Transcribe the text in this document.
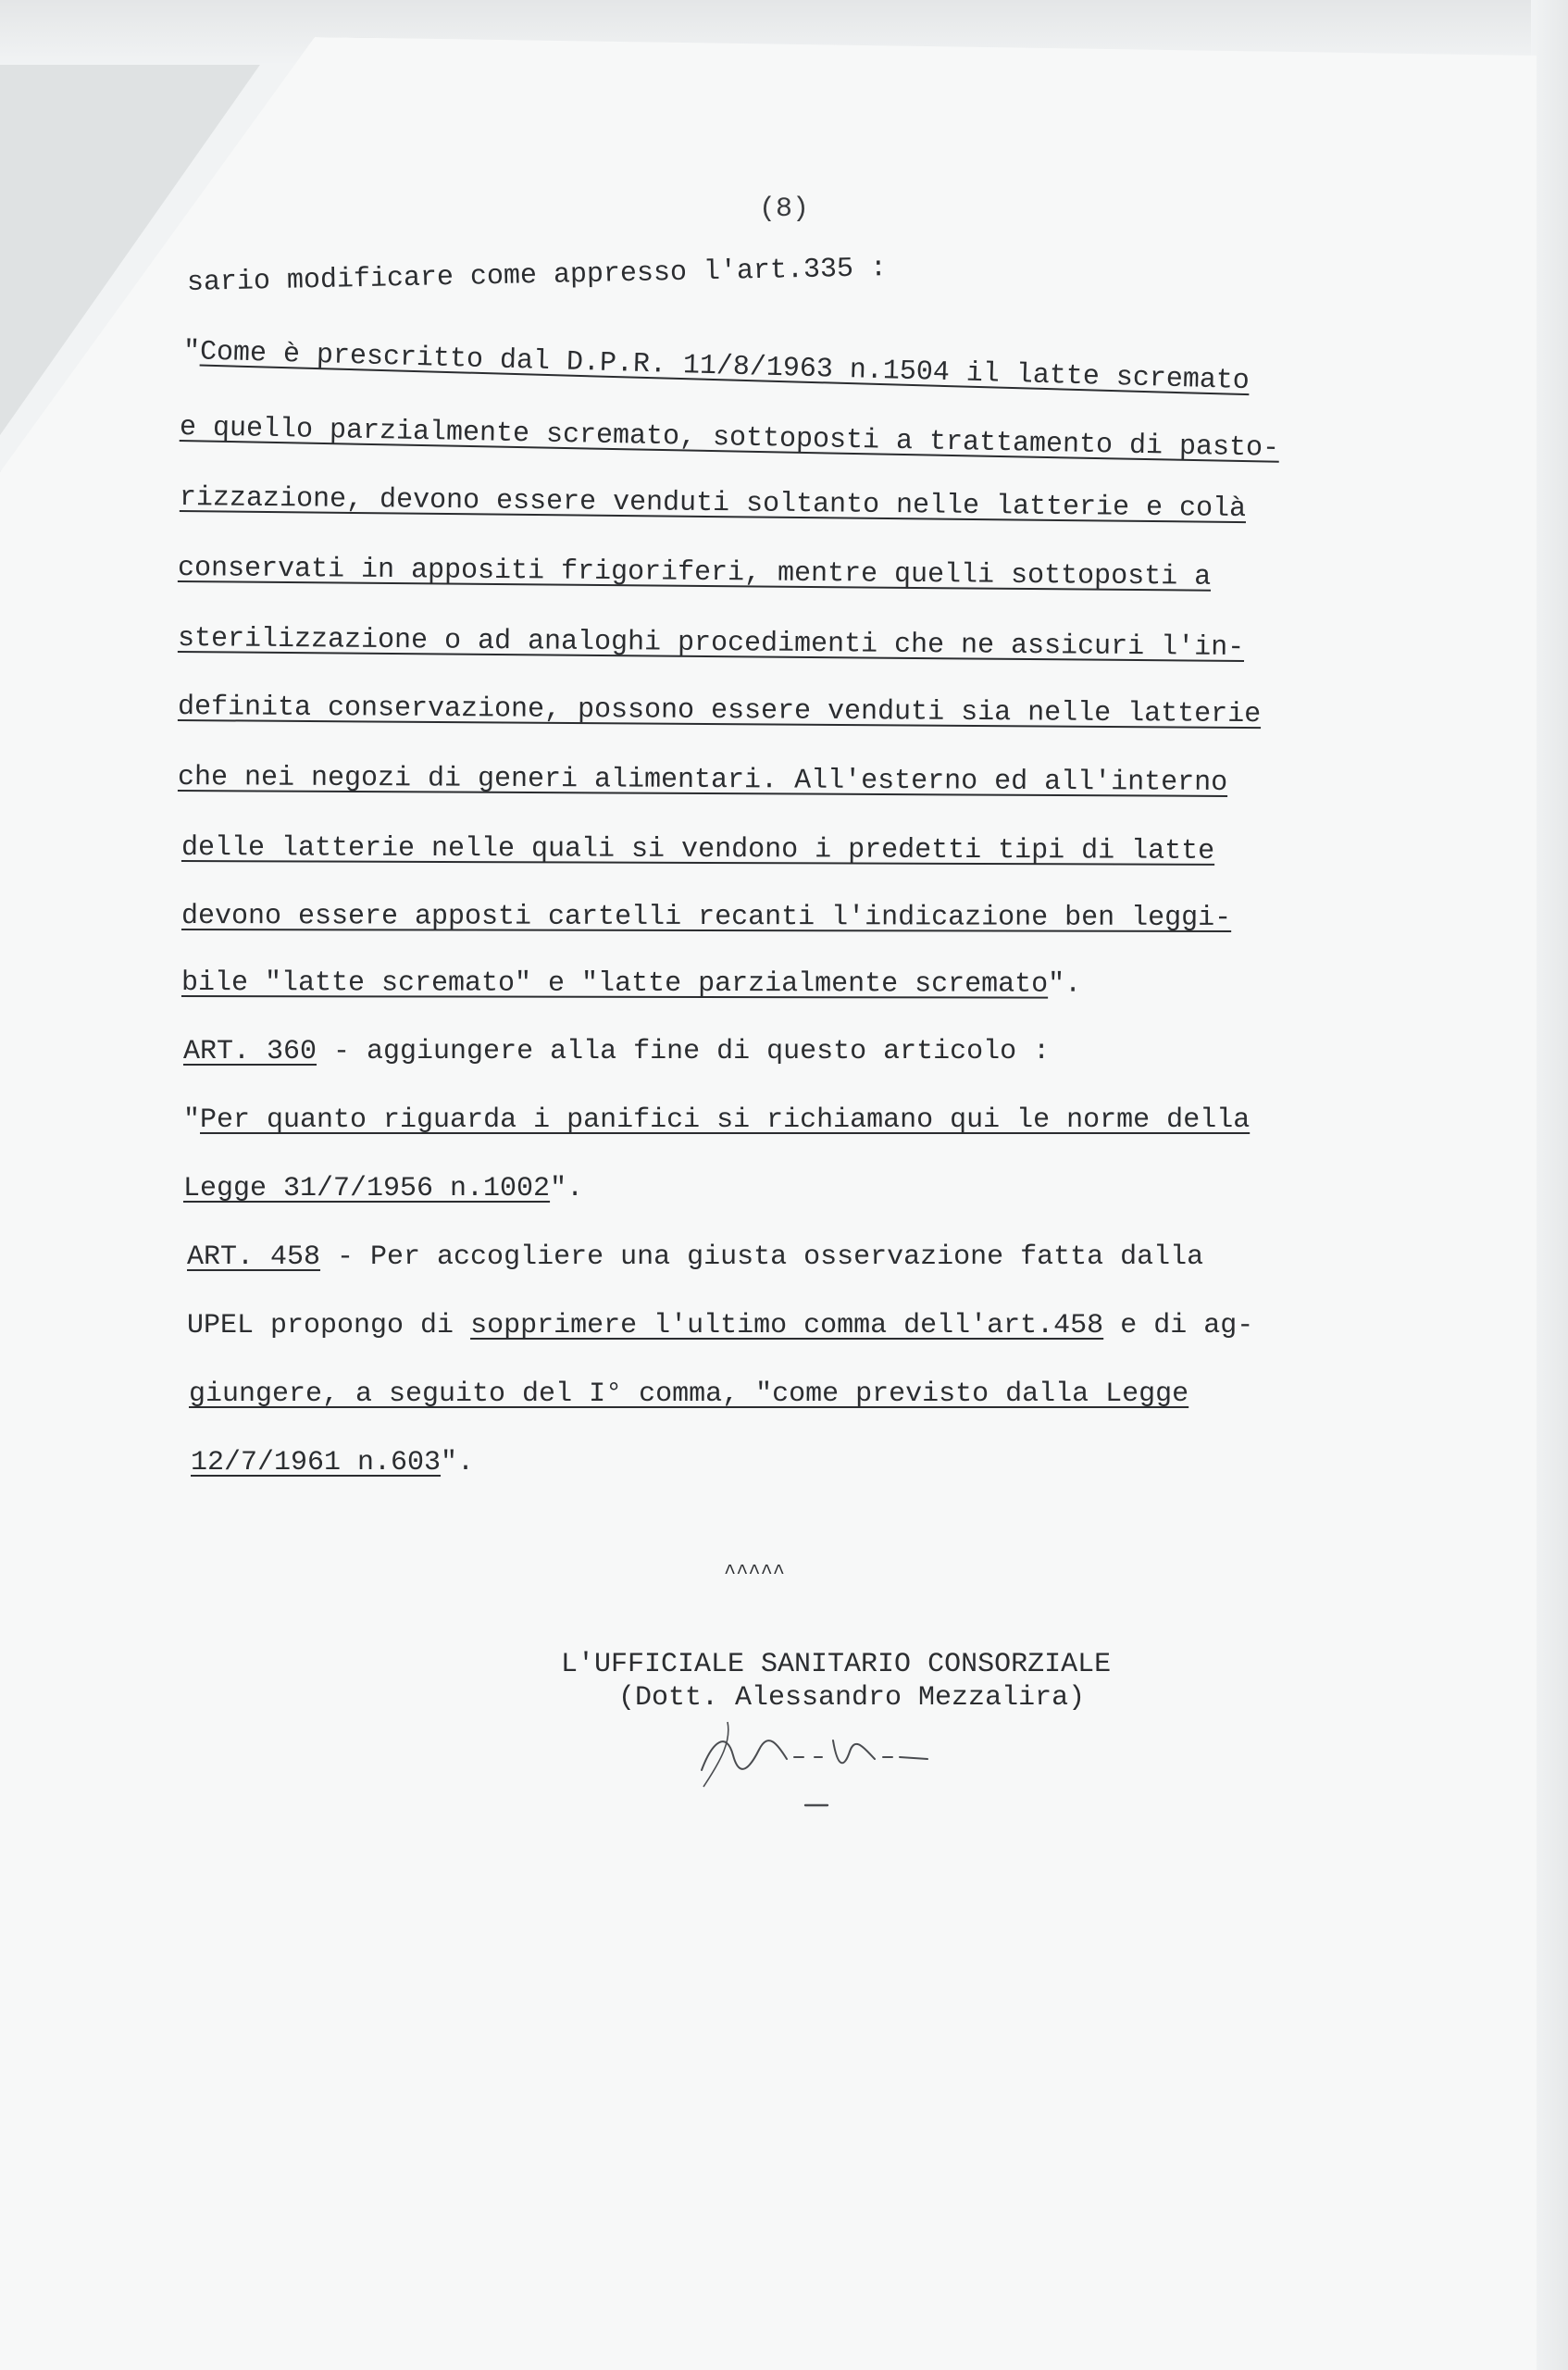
(8)
sario modificare come appresso l'art.335 :
"Come è prescritto dal D.P.R. 11/8/1963 n.1504 il latte scremato
e quello parzialmente scremato, sottoposti a trattamento di pasto-
rizzazione, devono essere venduti soltanto nelle latterie e colà
conservati in appositi frigoriferi, mentre quelli sottoposti a
sterilizzazione o ad analoghi procedimenti che ne assicuri l'in-
definita conservazione, possono essere venduti sia nelle latterie
che nei negozi di generi alimentari. All'esterno ed all'interno
delle latterie nelle quali si vendono i predetti tipi di latte
devono essere apposti cartelli recanti l'indicazione ben leggi-
bile "latte scremato" e "latte parzialmente scremato".
ART. 360 - aggiungere alla fine di questo articolo :
"Per quanto riguarda i panifici si richiamano qui le norme della
Legge 31/7/1956 n.1002".
ART. 458 - Per accogliere una giusta osservazione fatta dalla
UPEL propongo di sopprimere l'ultimo comma dell'art.458 e di ag-
giungere, a seguito del I° comma, "come previsto dalla Legge
12/7/1961 n.603".
^^^^^
L'UFFICIALE SANITARIO CONSORZIALE
(Dott. Alessandro Mezzalira)
